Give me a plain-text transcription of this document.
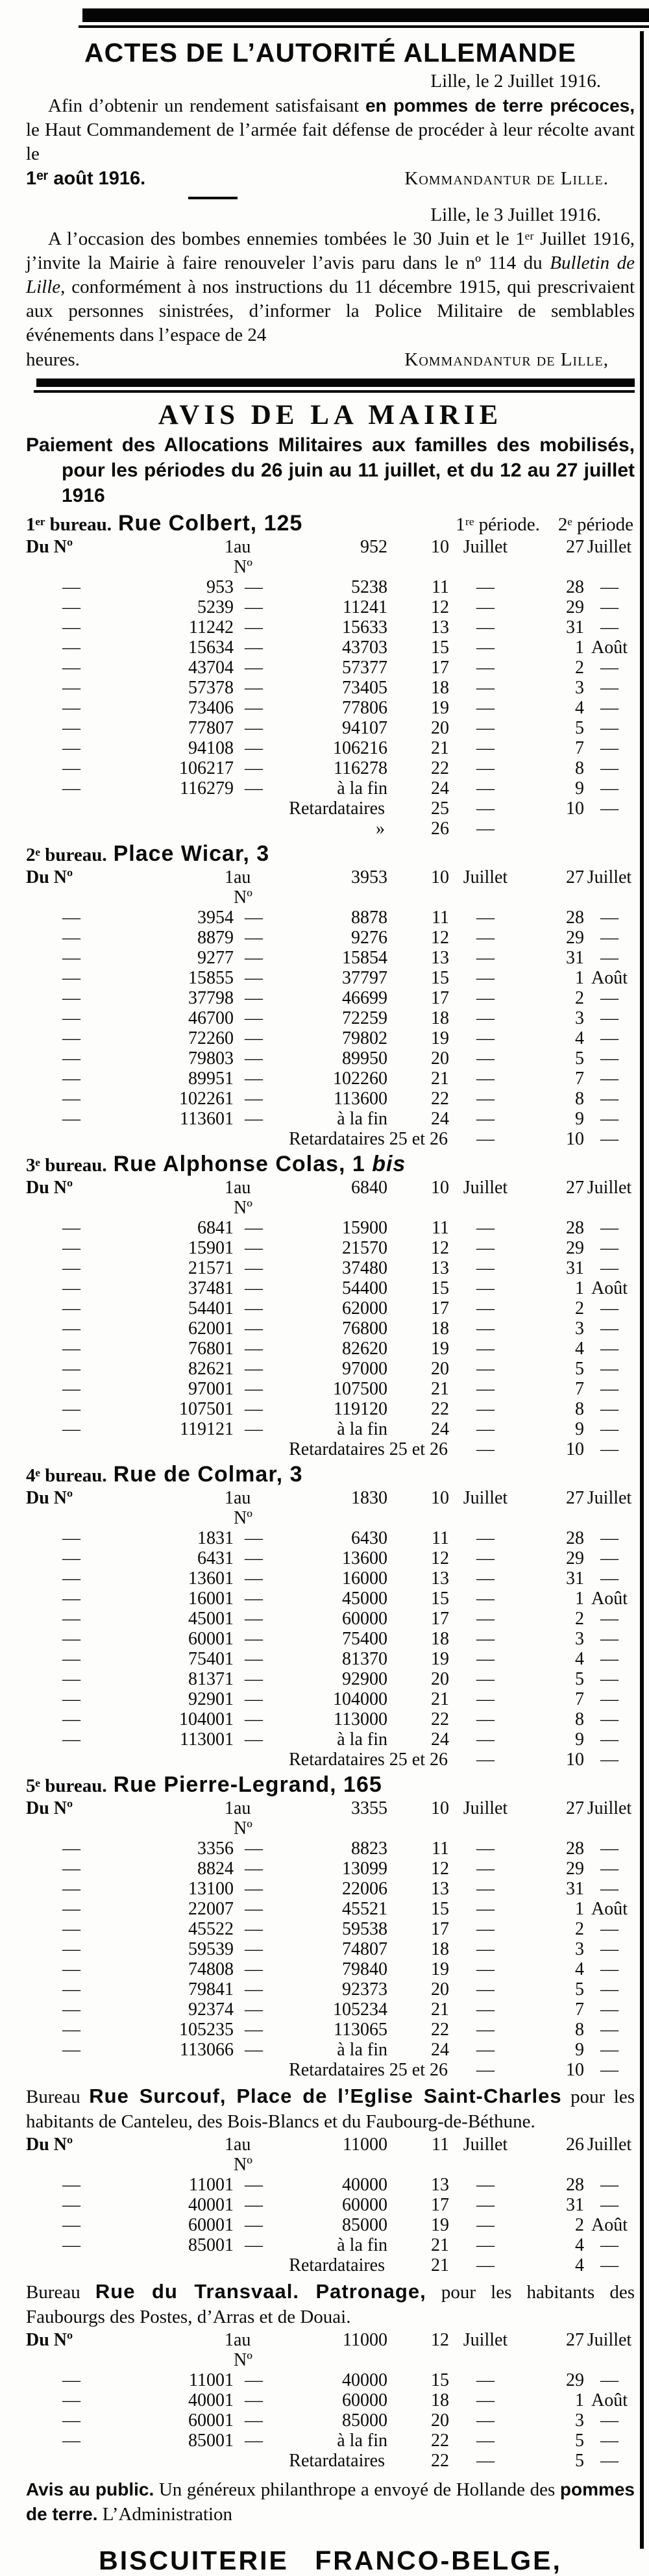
ACTES DE L’AUTORITÉ ALLEMANDE
Lille, le 2 Juillet 1916.

Afin d’obtenir un rendement satisfaisant en pommes de terre précoces, le Haut Commandement de l’armée fait défense de procéder à leur récolte avant le

1ᵉʳ août 1916.	Kommandantur de Lille.
Lille, le 3 Juillet 1916.

A l’occasion des bombes ennemies tombées le 30 Juin et le 1ᵉʳ Juillet 1916, j’invite la Mairie à faire renouveler l’avis paru dans le nº 114 du Bulletin de Lille, conformément à nos instructions du 11 décembre 1915, qui prescrivaient aux personnes sinistrées, d’informer la Police Militaire de semblables événements dans l’espace de 24

heures.	Kommandantur de Lille,
AVIS DE LA MAIRIE

Paiement des Allocations Militaires aux familles des mobilisés, pour les périodes du 26 juin au 11 juillet, et du 12 au 27 juillet 1916

1ᵉʳ bureau. Rue Colbert, 125	1ʳᵉ période. 2ᵉ période
Du Nº	1 au Nº
952	10 Juillet	27 Juillet
—	953 —	5238	11	—	28 —
—	5239 —	11241	12	—	29 —
—	11242 —	15633	13	—	31 —
—	15634 —	43703	15	—	1 Août
—	43704 —	57377	17	—	2 —
—	57378 —	73405	18	—	3 —
—	73406 —	77806	19	—	4 —
—	77807 —	94107	20	—	5 —
—	94108 —	106216	21	—	7 —
—	106217 —	116278	22	—	8 —
—	116279 —	à la fin	24	—	9 —
Retardataires	25	—	10 —
»	26	—
2ᵉ bureau. Place Wicar, 3
Du Nº	1 au Nº
3953	10 Juillet	27 Juillet
—	3954 —	8878	11	—	28 —
—	8879 —	9276	12	—	29 —
—	9277 —	15854	13	—	31 —
—	15855 —	37797	15	—	1 Août
—	37798 —	46699	17	—	2 —
—	46700 —	72259	18	—	3 —
—	72260 —	79802	19	—	4 —
—	79803 —	89950	20	—	5 —
—	89951 —	102260	21	—	7 —
—	102261 —	113600	22	—	8 —
—	113601 —	à la fin	24	—	9 —
Retardataires 25 et 26	—	10 —
3ᵉ bureau. Rue Alphonse Colas, 1 bis
Du Nº	1 au Nº
6840	10 Juillet	27 Juillet
—	6841 —	15900	11	—	28 —
—	15901 —	21570	12	—	29 —
—	21571 —	37480	13	—	31 —
—	37481 —	54400	15	—	1 Août
—	54401 —	62000	17	—	2 —
—	62001 —	76800	18	—	3 —
—	76801 —	82620	19	—	4 —
—	82621 —	97000	20	—	5 —
—	97001 —	107500	21	—	7 —
—	107501 —	119120	22	—	8 —
—	119121 —	à la fin	24	—	9 —
Retardataires 25 et 26	—	10 —
4ᵉ bureau. Rue de Colmar, 3
Du Nº	1 au Nº
1830	10 Juillet	27 Juillet
—	1831 —	6430	11	—	28 —
—	6431 —	13600	12	—	29 —
—	13601 —	16000	13	—	31 —
—	16001 —	45000	15	—	1 Août
—	45001 —	60000	17	—	2 —
—	60001 —	75400	18	—	3 —
—	75401 —	81370	19	—	4 —
—	81371 —	92900	20	—	5 —
—	92901 —	104000	21	—	7 —
—	104001 —	113000	22	—	8 —
—	113001 —	à la fin	24	—	9 —
Retardataires 25 et 26	—	10 —
5ᵉ bureau. Rue Pierre-Legrand, 165
Du Nº	1 au Nº
3355	10 Juillet	27 Juillet
—	3356 —	8823	11	—	28 —
—	8824 —	13099	12	—	29 —
—	13100 —	22006	13	—	31 —
—	22007 —	45521	15	—	1 Août
—	45522 —	59538	17	—	2 —
—	59539 —	74807	18	—	3 —
—	74808 —	79840	19	—	4 —
—	79841 —	92373	20	—	5 —
—	92374 —	105234	21	—	7 —
—	105235 —	113065	22	—	8 —
—	113066 —	à la fin	24	—	9 —
Retardataires 25 et 26	—	10 —

Bureau Rue Surcouf, Place de l’Eglise Saint-Charles pour les habitants de Canteleu, des Bois-Blancs et du Faubourg-de-Béthune.

Du Nº	1 au Nº
11000	11 Juillet	26 Juillet
—	11001 —	40000	13	—	28 —
—	40001 —	60000	17	—	31 —
—	60001 —	85000	19	—	2 Août
—	85001 —	à la fin	21	—	4 —
Retardataires	21	—	4 —

Bureau Rue du Transvaal. Patronage, pour les habitants des Faubourgs des Postes, d’Arras et de Douai.

Du Nº	1 au Nº
11000	12 Juillet	27 Juillet
—	11001 —	40000	15	—	29 —
—	40001 —	60000	18	—	1 Août
—	60001 —	85000	20	—	3 —
—	85001 —	à la fin	22	—	5 —
Retardataires	22	—	5 —

Avis au public. Un généreux philanthrope a envoyé de Hollande des pommes de terre. L’Administration

BISCUITERIE FRANCO-BELGE,
